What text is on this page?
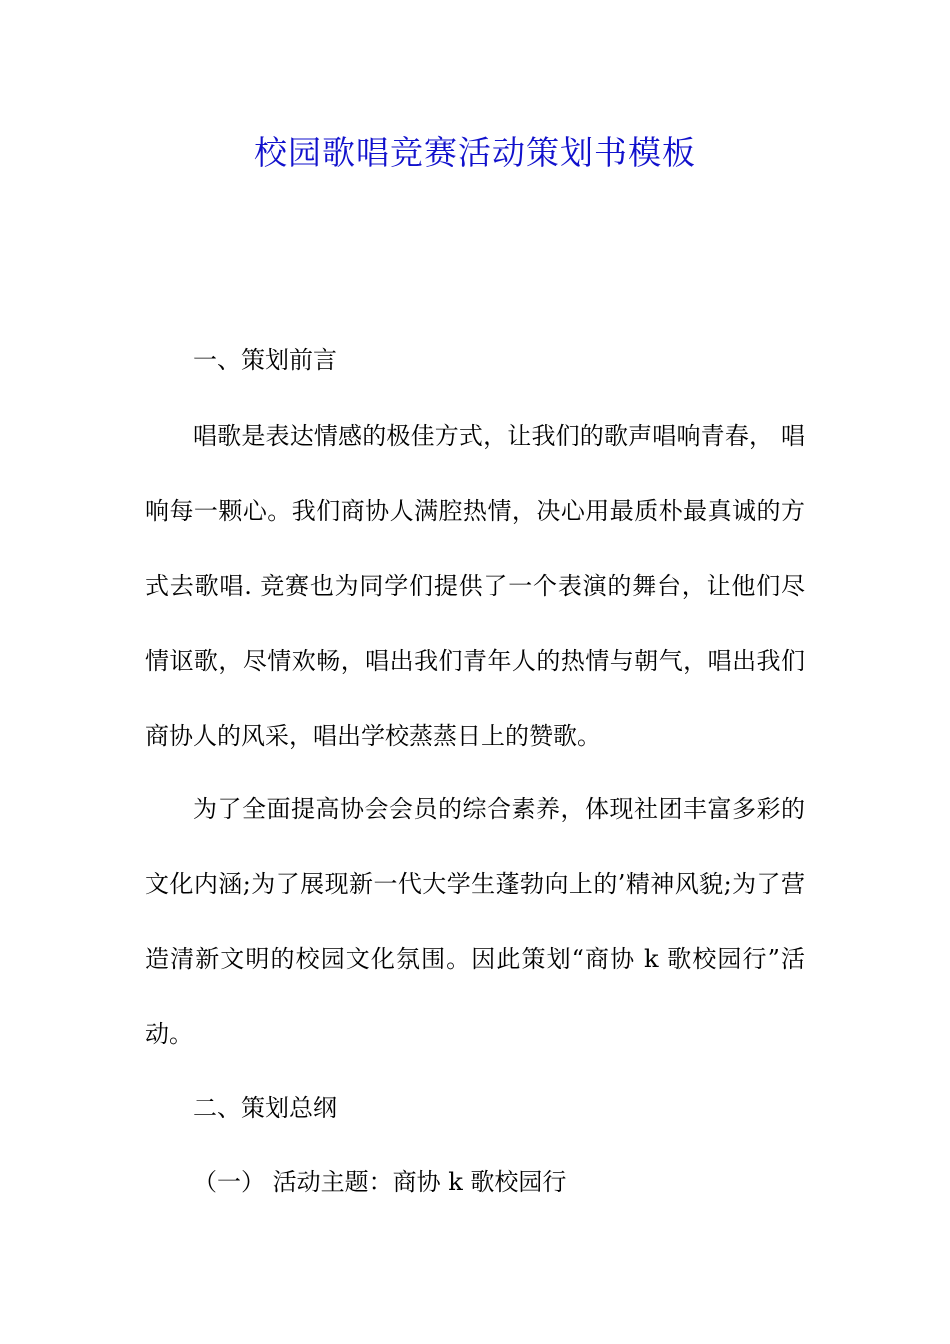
校园歌唱竞赛活动策划书模板
一、策划前言
唱歌是表达情感的极佳方式，让我们的歌声唱响青春， 唱
响每一颗心。我们商协人满腔热情，决心用最质朴最真诚的方
式去歌唱. 竞赛也为同学们提供了一个表演的舞台，让他们尽
情讴歌，尽情欢畅，唱出我们青年人的热情与朝气，唱出我们
商协人的风采，唱出学校蒸蒸日上的赞歌。
为了全面提高协会会员的综合素养，体现社团丰富多彩的
文化内涵;为了展现新一代大学生蓬勃向上的’精神风貌;为了营
造清新文明的校园文化氛围。因此策划“商协 k 歌校园行”活
动。
二、策划总纲
（一） 活动主题：商协 k 歌校园行
